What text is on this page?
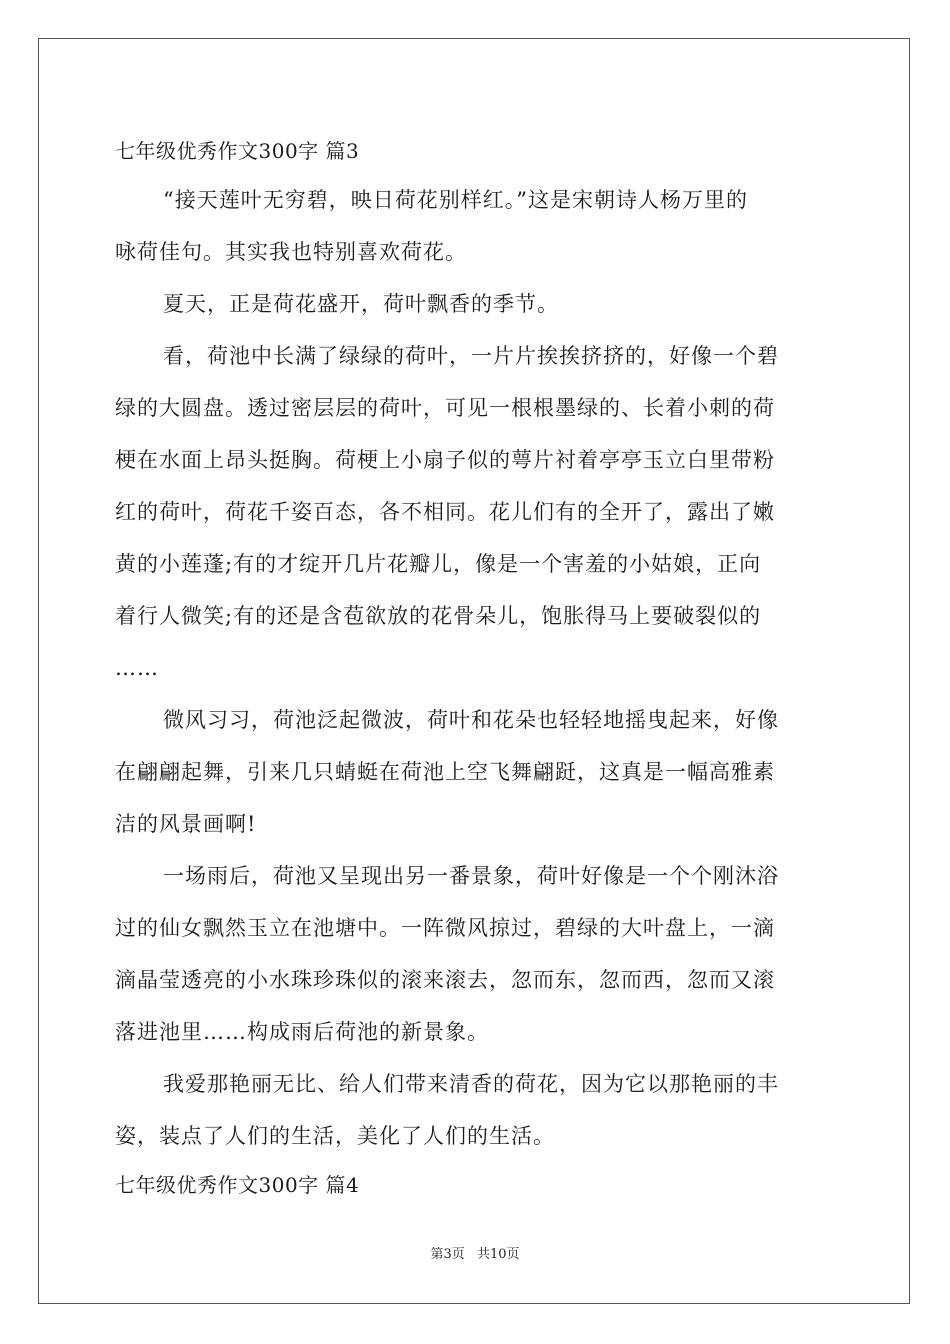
七年级优秀作文300字 篇3
“接天莲叶无穷碧，映日荷花别样红。”这是宋朝诗人杨万里的
咏荷佳句。其实我也特别喜欢荷花。
夏天，正是荷花盛开，荷叶飘香的季节。
看，荷池中长满了绿绿的荷叶，一片片挨挨挤挤的，好像一个碧
绿的大圆盘。透过密层层的荷叶，可见一根根墨绿的、长着小刺的荷
梗在水面上昂头挺胸。荷梗上小扇子似的萼片衬着亭亭玉立白里带粉
红的荷叶，荷花千姿百态，各不相同。花儿们有的全开了，露出了嫩
黄的小莲蓬;有的才绽开几片花瓣儿，像是一个害羞的小姑娘，正向
着行人微笑;有的还是含苞欲放的花骨朵儿，饱胀得马上要破裂似的
……
微风习习，荷池泛起微波，荷叶和花朵也轻轻地摇曳起来，好像
在翩翩起舞，引来几只蜻蜓在荷池上空飞舞翩跹，这真是一幅高雅素
洁的风景画啊!
一场雨后，荷池又呈现出另一番景象，荷叶好像是一个个刚沐浴
过的仙女飘然玉立在池塘中。一阵微风掠过，碧绿的大叶盘上，一滴
滴晶莹透亮的小水珠珍珠似的滚来滚去，忽而东，忽而西，忽而又滚
落进池里……构成雨后荷池的新景象。
我爱那艳丽无比、给人们带来清香的荷花，因为它以那艳丽的丰
姿，装点了人们的生活，美化了人们的生活。
七年级优秀作文300字 篇4
第3页 共10页
